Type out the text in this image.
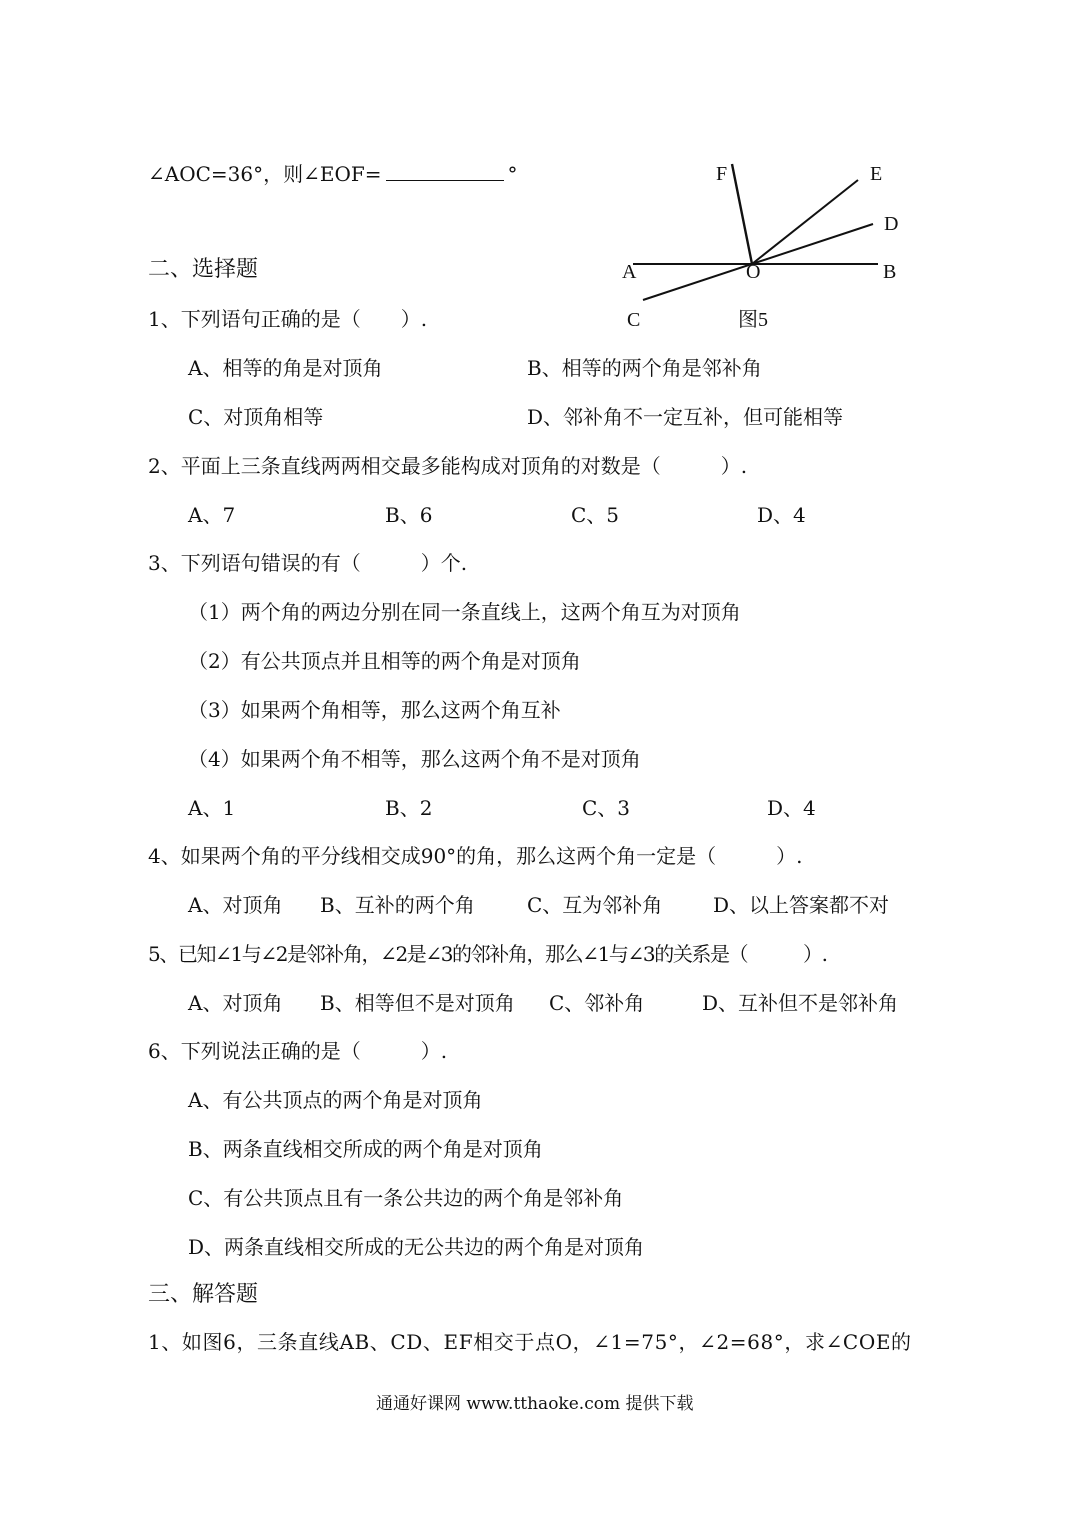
∠AOC=36°，则∠EOF=	°	F	E
D
A	O	B
C	图5
二、选择题
1、下列语句正确的是（　　）.
A、相等的角是对顶角	B、相等的两个角是邻补角
C、对顶角相等	D、邻补角不一定互补，但可能相等
2、平面上三条直线两两相交最多能构成对顶角的对数是（　　　）.
A、7	B、6	C、5	D、4
3、下列语句错误的有（　　　）个.
（1）两个角的两边分别在同一条直线上，这两个角互为对顶角
（2）有公共顶点并且相等的两个角是对顶角
（3）如果两个角相等，那么这两个角互补
（4）如果两个角不相等，那么这两个角不是对顶角
A、1	B、2	C、3	D、4
4、如果两个角的平分线相交成90°的角，那么这两个角一定是（　　　）.
A、对顶角 B、互补的两个角	C、互为邻补角	D、以上答案都不对
5、已知∠1与∠2是邻补角，∠2是∠3的邻补角，那么∠1与∠3的关系是（　　　）.
A、对顶角 B、相等但不是对顶角 C、邻补角	D、互补但不是邻补角
6、下列说法正确的是（　　　）.
A、有公共顶点的两个角是对顶角
B、两条直线相交所成的两个角是对顶角
C、有公共顶点且有一条公共边的两个角是邻补角
D、两条直线相交所成的无公共边的两个角是对顶角
三、解答题
1、如图6，三条直线AB、CD、EF相交于点O，∠1=75°，∠2=68°，求∠COE的
通通好课网 www.tthaoke.com 提供下载
